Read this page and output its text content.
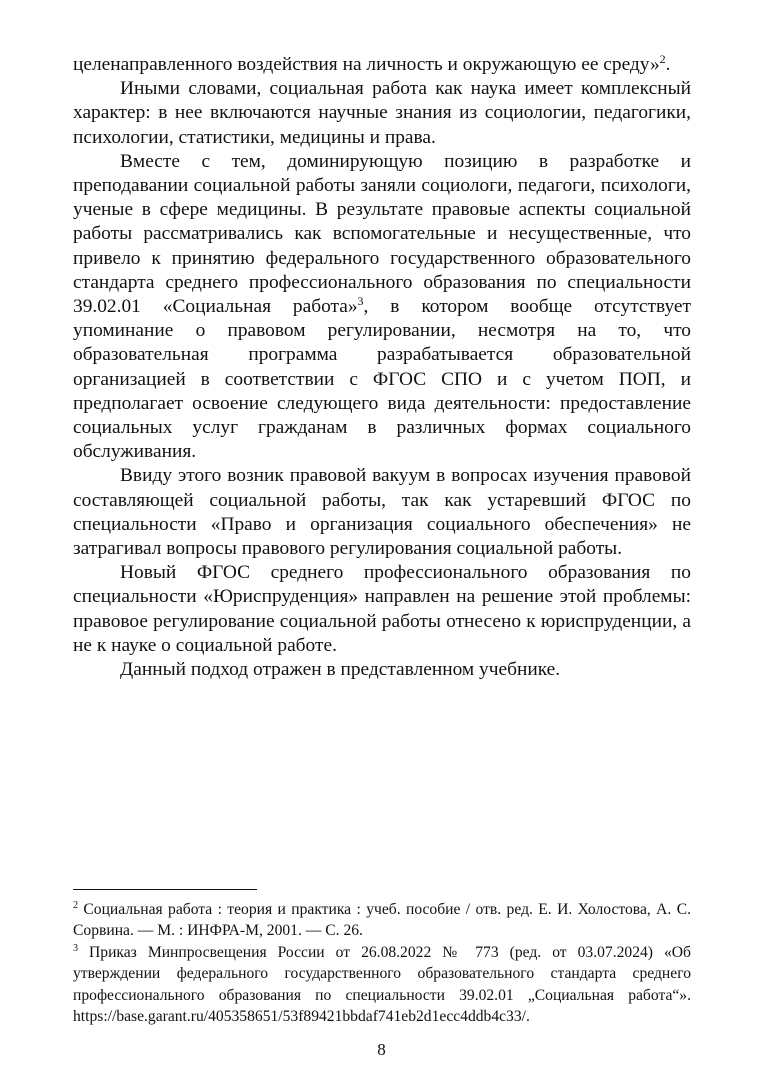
целенаправленного воздействия на личность и окружающую ее среду»$^2$.

Иными словами, социальная работа как наука имеет комплексный характер: в нее включаются научные знания из социологии, педагогики, психологии, статистики, медицины и права.

Вместе с тем, доминирующую позицию в разработке и преподавании социальной работы заняли социологи, педагоги, психологи, ученые в сфере медицины. В результате правовые аспекты социальной работы рассматривались как вспомогательные и несущественные, что привело к принятию федерального государственного образовательного стандарта среднего профессионального образования по специальности 39.02.01 «Социальная работа»$^3$, в котором вообще отсутствует упоминание о правовом регулировании, несмотря на то, что образовательная программа разрабатывается образовательной организацией в соответствии с ФГОС СПО и с учетом ПОП, и предполагает освоение следующего вида деятельности: предоставление социальных услуг гражданам в различных формах социального обслуживания.

Ввиду этого возник правовой вакуум в вопросах изучения правовой составляющей социальной работы, так как устаревший ФГОС по специальности «Право и организация социального обеспечения» не затрагивал вопросы правового регулирования социальной работы.

Новый ФГОС среднего профессионального образования по специальности «Юриспруденция» направлен на решение этой проблемы: правовое регулирование социальной работы отнесено к юриспруденции, а не к науке о социальной работе.

Данный подход отражен в представленном учебнике.

$^2$ Социальная работа : теория и практика : учеб. пособие / отв. ред. Е. И. Холостова, А. С. Сорвина. — М. : ИНФРА-М, 2001. — С. 26.

$^3$ Приказ Минпросвещения России от 26.08.2022 № 773 (ред. от 03.07.2024) «Об утверждении федерального государственного образовательного стандарта среднего профессионального образования по специальности 39.02.01 „Социальная работа“». https://base.garant.ru/405358651/53f89421bbdaf741eb2d1ecc4ddb4c33/.

8
